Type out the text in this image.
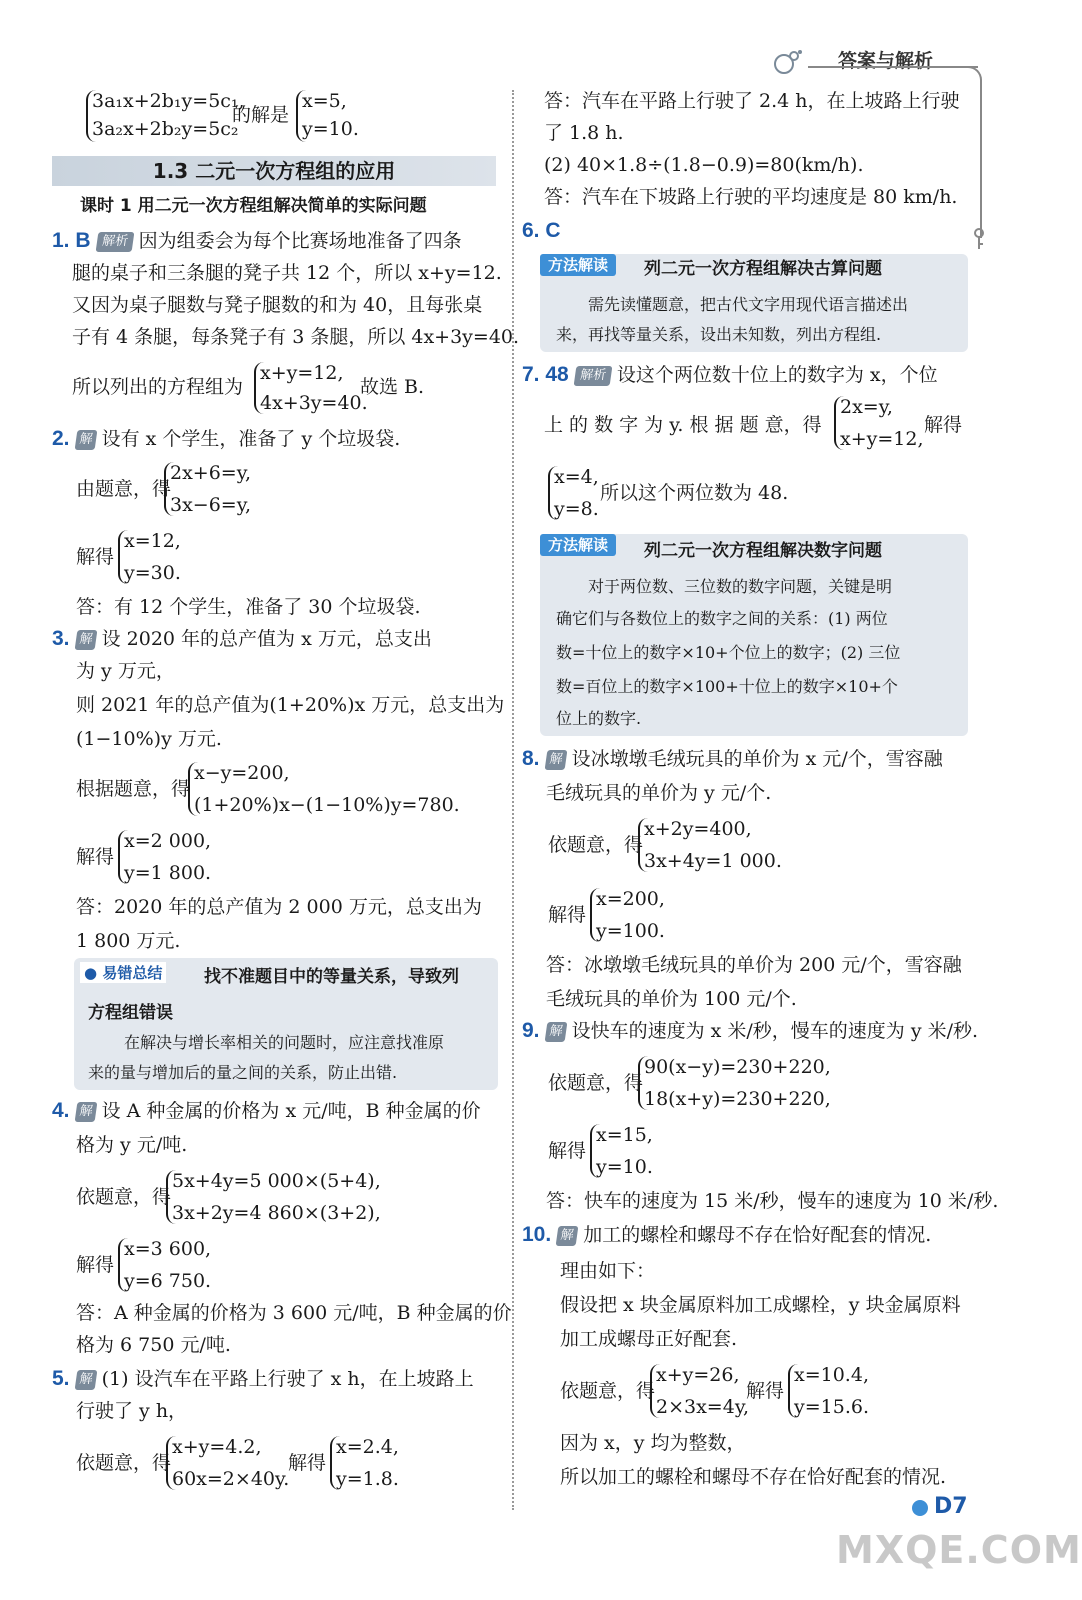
答案与解析
3a₁x+2b₁y=5c₁,
3a₂x+2b₂y=5c₂
的解是
x=5,
y=10.
1.3 二元一次方程组的应用
课时 1 用二元一次方程组解决简单的实际问题
1. B 解析 因为组委会为每个比赛场地准备了四条
腿的桌子和三条腿的凳子共 12 个，所以 x+y=12.
又因为桌子腿数与凳子腿数的和为 40，且每张桌
子有 4 条腿，每条凳子有 3 条腿，所以 4x+3y=40.
所以列出的方程组为
x+y=12,
4x+3y=40.
故选 B.
2. 解 设有 x 个学生，准备了 y 个垃圾袋.
由题意，得
2x+6=y,
3x−6=y,
解得
x=12,
y=30.
答：有 12 个学生，准备了 30 个垃圾袋.
3. 解 设 2020 年的总产值为 x 万元，总支出
为 y 万元，
则 2021 年的总产值为(1+20%)x 万元，总支出为
(1−10%)y 万元.
根据题意，得
x−y=200,
(1+20%)x−(1−10%)y=780.
解得
x=2 000,
y=1 800.
答：2020 年的总产值为 2 000 万元，总支出为
1 800 万元.
● 易错总结 找不准题目中的等量关系，导致列
方程组错误
在解决与增长率相关的问题时，应注意找准原
来的量与增加后的量之间的关系，防止出错.
4. 解 设 A 种金属的价格为 x 元/吨，B 种金属的价
格为 y 元/吨.
依题意，得
5x+4y=5 000×(5+4),
3x+2y=4 860×(3+2),
解得
x=3 600,
y=6 750.
答：A 种金属的价格为 3 600 元/吨，B 种金属的价
格为 6 750 元/吨.
5. 解 (1) 设汽车在平路上行驶了 x h，在上坡路上
行驶了 y h，
依题意，得
x+y=4.2,
60x=2×40y.
解得
x=2.4,
y=1.8.
答：汽车在平路上行驶了 2.4 h，在上坡路上行驶
了 1.8 h.
(2) 40×1.8÷(1.8−0.9)=80(km/h).
答：汽车在下坡路上行驶的平均速度是 80 km/h.
6. C
方法解读	列二元一次方程组解决古算问题
需先读懂题意，把古代文字用现代语言描述出
来，再找等量关系，设出未知数，列出方程组.
7. 48 解析 设这个两位数十位上的数字为 x，个位
上 的 数 字 为 y. 根 据 题 意，得
2x=y,
x+y=12,
解得
x=4,
y=8.
所以这个两位数为 48.
方法解读	列二元一次方程组解决数字问题
对于两位数、三位数的数字问题，关键是明
确它们与各数位上的数字之间的关系：(1) 两位
数=十位上的数字×10+个位上的数字；(2) 三位
数=百位上的数字×100+十位上的数字×10+个
位上的数字.
8. 解 设冰墩墩毛绒玩具的单价为 x 元/个，雪容融
毛绒玩具的单价为 y 元/个.
依题意，得
x+2y=400,
3x+4y=1 000.
解得
x=200,
y=100.
答：冰墩墩毛绒玩具的单价为 200 元/个，雪容融
毛绒玩具的单价为 100 元/个.
9. 解 设快车的速度为 x 米/秒，慢车的速度为 y 米/秒.
依题意，得
90(x−y)=230+220,
18(x+y)=230+220,
解得
x=15,
y=10.
答：快车的速度为 15 米/秒，慢车的速度为 10 米/秒.
10. 解 加工的螺栓和螺母不存在恰好配套的情况.
理由如下：
假设把 x 块金属原料加工成螺栓，y 块金属原料
加工成螺母正好配套.
依题意，得
x+y=26,
2×3x=4y,
解得
x=10.4,
y=15.6.
因为 x，y 均为整数，
所以加工的螺栓和螺母不存在恰好配套的情况.
D7
MXQE.COM
